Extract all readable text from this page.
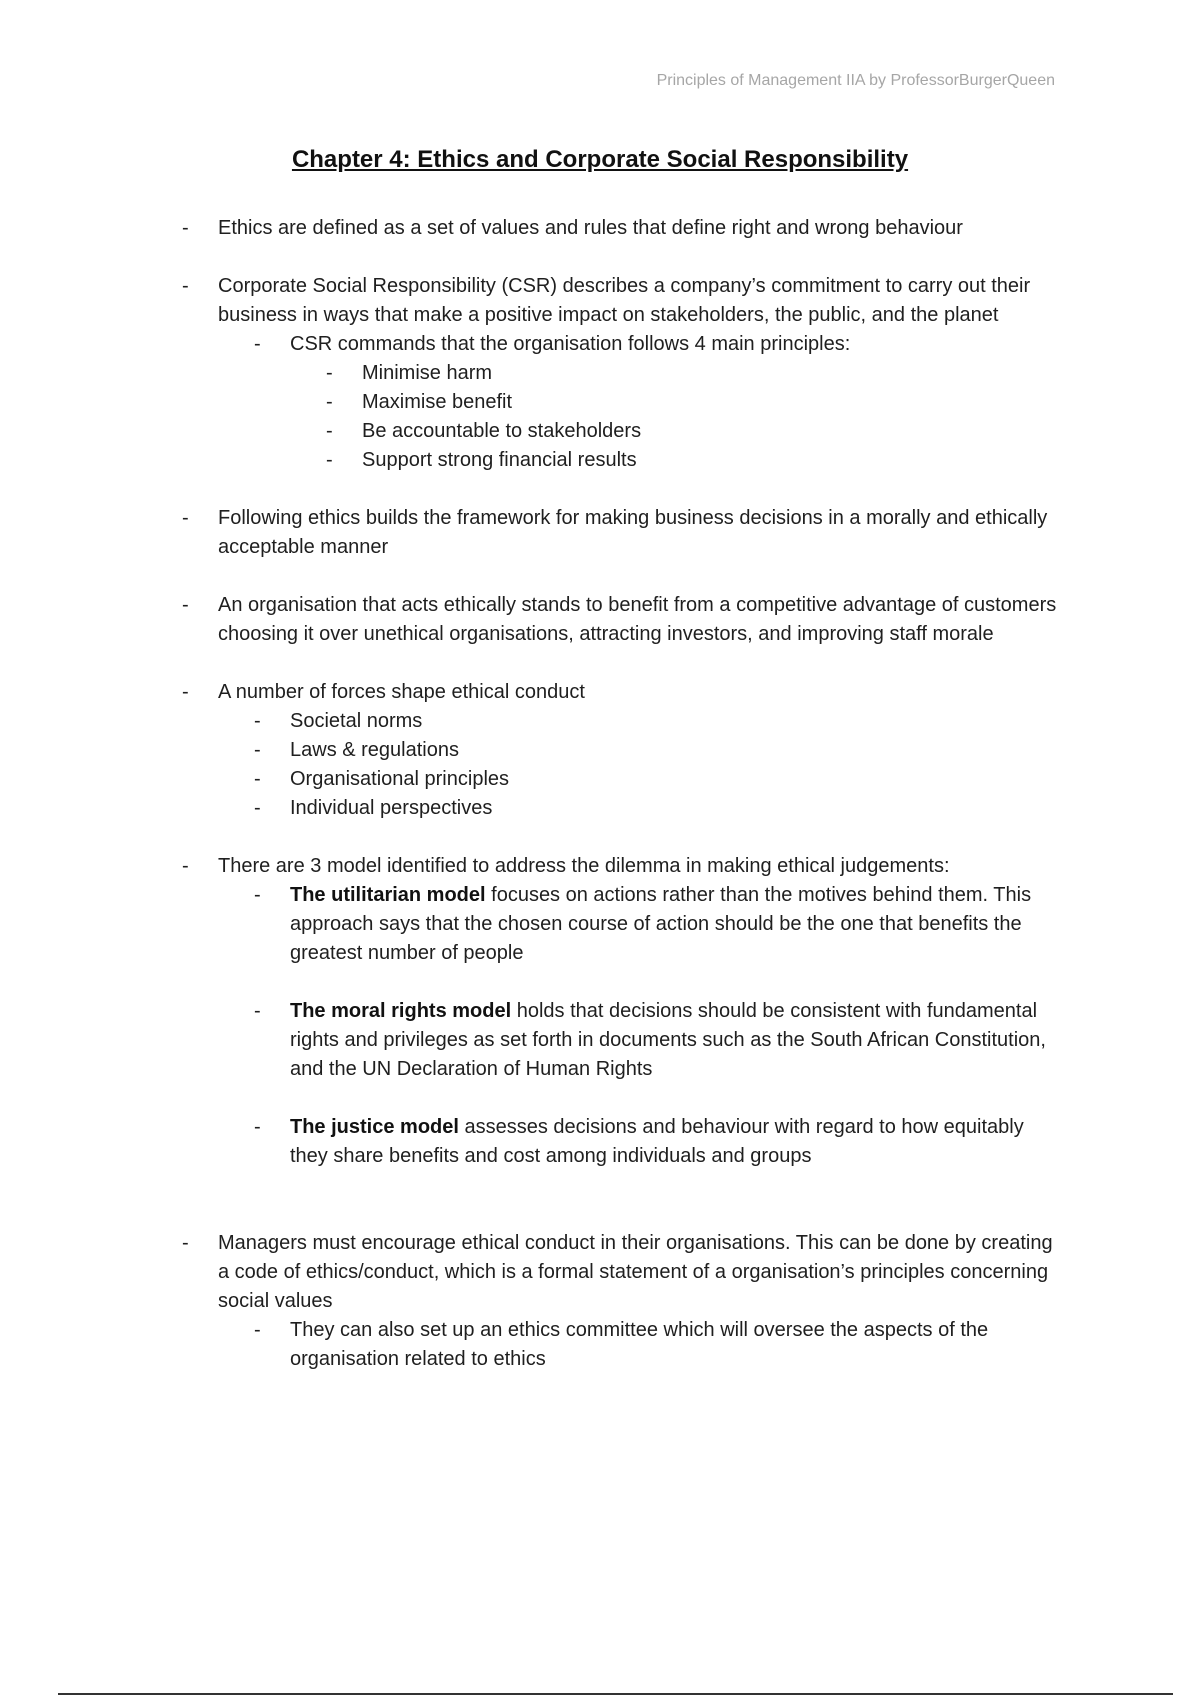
Principles of Management IIA by ProfessorBurgerQueen
Chapter 4: Ethics and Corporate Social Responsibility
- Ethics are defined as a set of values and rules that define right and wrong behaviour
- Corporate Social Responsibility (CSR) describes a company’s commitment to carry out their business in ways that make a positive impact on stakeholders, the public, and the planet
- CSR commands that the organisation follows 4 main principles:
- Minimise harm
- Maximise benefit
- Be accountable to stakeholders
- Support strong financial results
- Following ethics builds the framework for making business decisions in a morally and ethically acceptable manner
- An organisation that acts ethically stands to benefit from a competitive advantage of customers choosing it over unethical organisations, attracting investors, and improving staff morale
- A number of forces shape ethical conduct
- Societal norms
- Laws & regulations
- Organisational principles
- Individual perspectives
- There are 3 model identified to address the dilemma in making ethical judgements:
- The utilitarian model focuses on actions rather than the motives behind them. This approach says that the chosen course of action should be the one that benefits the greatest number of people
- The moral rights model holds that decisions should be consistent with fundamental rights and privileges as set forth in documents such as the South African Constitution, and the UN Declaration of Human Rights
- The justice model assesses decisions and behaviour with regard to how equitably they share benefits and cost among individuals and groups
- Managers must encourage ethical conduct in their organisations. This can be done by creating a code of ethics/conduct, which is a formal statement of a organisation’s principles concerning social values
- They can also set up an ethics committee which will oversee the aspects of the organisation related to ethics
